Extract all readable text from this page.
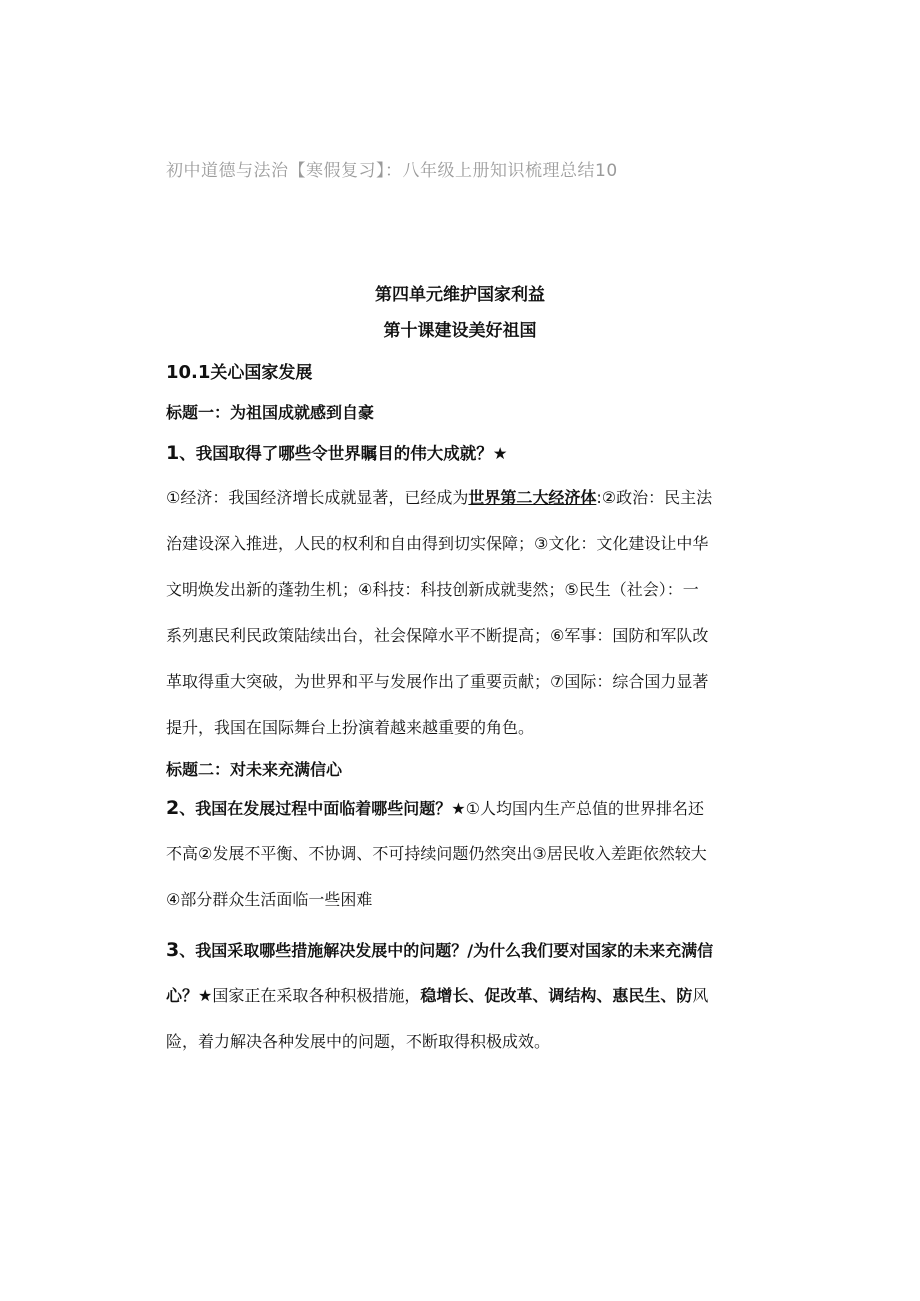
初中道德与法治【寒假复习】：八年级上册知识梳理总结10
第四单元维护国家利益
第十课建设美好祖国
10.1关心国家发展
标题一：为祖国成就感到自豪
1、我国取得了哪些令世界瞩目的伟大成就？★
①经济：我国经济增长成就显著，已经成为世界第二大经济体:②政治：民主法
治建设深入推进，人民的权利和自由得到切实保障；③文化：文化建设让中华
文明焕发出新的蓬勃生机；④科技：科技创新成就斐然；⑤民生（社会）：一
系列惠民利民政策陆续出台，社会保障水平不断提高；⑥军事：国防和军队改
革取得重大突破，为世界和平与发展作出了重要贡献；⑦国际：综合国力显著
提升，我国在国际舞台上扮演着越来越重要的角色。
标题二：对未来充满信心
2、我国在发展过程中面临着哪些问题？★①人均国内生产总值的世界排名还
不高②发展不平衡、不协调、不可持续问题仍然突出③居民收入差距依然较大
④部分群众生活面临一些困难
3、我国采取哪些措施解决发展中的问题？/为什么我们要对国家的未来充满信
心？★国家正在采取各种积极措施，稳增长、促改革、调结构、惠民生、防风
险，着力解决各种发展中的问题，不断取得积极成效。
